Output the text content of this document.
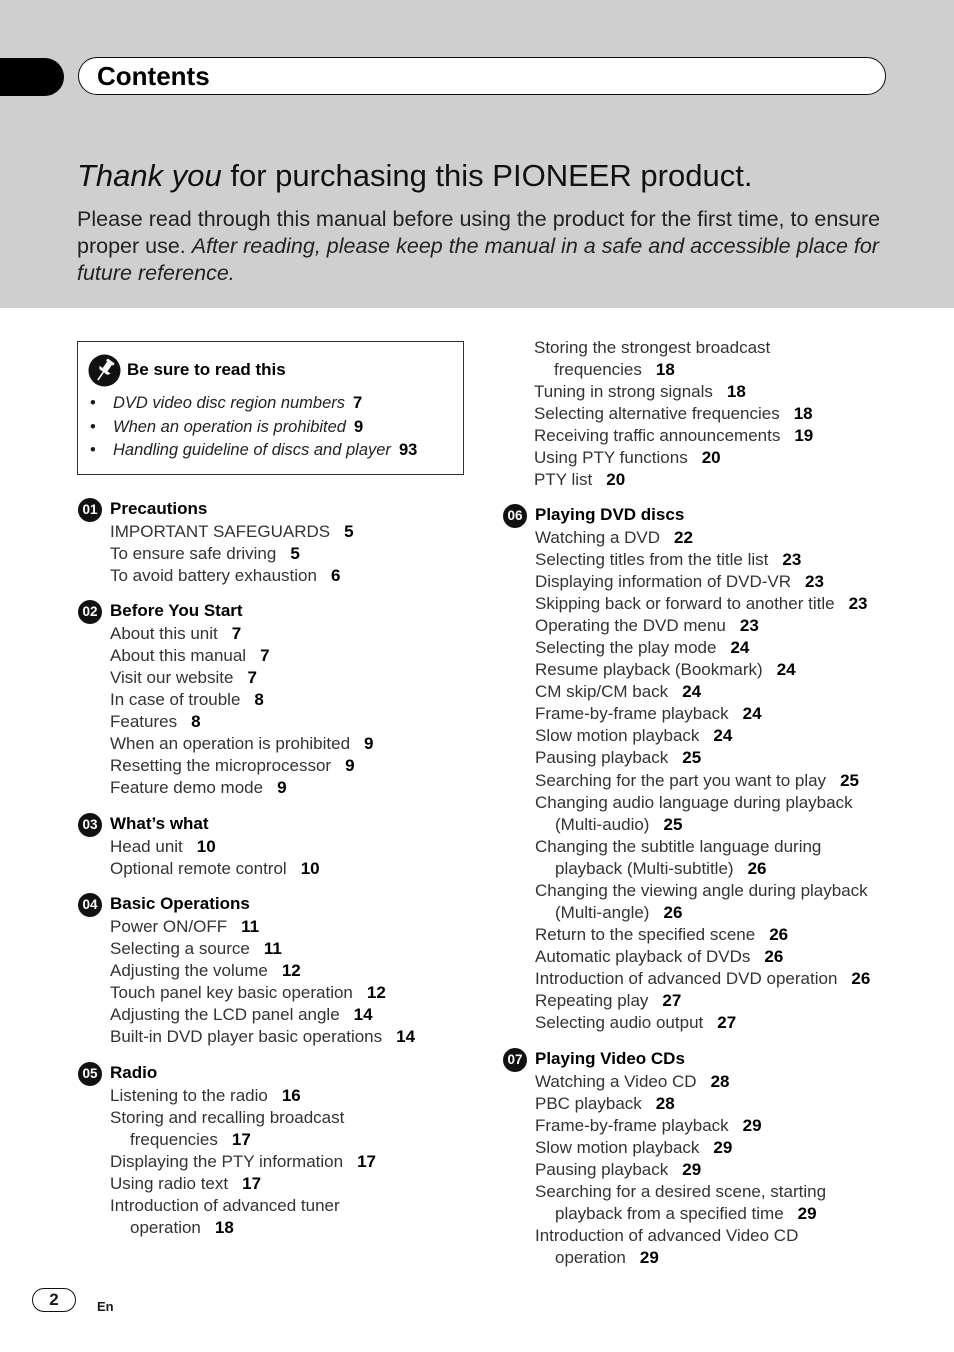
Contents
Thank you for purchasing this PIONEER product.
Please read through this manual before using the product for the first time, to ensure proper use. After reading, please keep the manual in a safe and accessible place for future reference.
Be sure to read this
• DVD video disc region numbers 7
• When an operation is prohibited 9
• Handling guideline of discs and player 93
01 Precautions
IMPORTANT SAFEGUARDS 5
To ensure safe driving 5
To avoid battery exhaustion 6
02 Before You Start
About this unit 7
About this manual 7
Visit our website 7
In case of trouble 8
Features 8
When an operation is prohibited 9
Resetting the microprocessor 9
Feature demo mode 9
03 What’s what
Head unit 10
Optional remote control 10
04 Basic Operations
Power ON/OFF 11
Selecting a source 11
Adjusting the volume 12
Touch panel key basic operation 12
Adjusting the LCD panel angle 14
Built-in DVD player basic operations 14
05 Radio
Listening to the radio 16
Storing and recalling broadcast
frequencies 17
Displaying the PTY information 17
Using radio text 17
Introduction of advanced tuner
operation 18
Storing the strongest broadcast
frequencies 18
Tuning in strong signals 18
Selecting alternative frequencies 18
Receiving traffic announcements 19
Using PTY functions 20
PTY list 20
06 Playing DVD discs
Watching a DVD 22
Selecting titles from the title list 23
Displaying information of DVD-VR 23
Skipping back or forward to another title 23
Operating the DVD menu 23
Selecting the play mode 24
Resume playback (Bookmark) 24
CM skip/CM back 24
Frame-by-frame playback 24
Slow motion playback 24
Pausing playback 25
Searching for the part you want to play 25
Changing audio language during playback
(Multi-audio) 25
Changing the subtitle language during
playback (Multi-subtitle) 26
Changing the viewing angle during playback
(Multi-angle) 26
Return to the specified scene 26
Automatic playback of DVDs 26
Introduction of advanced DVD operation 26
Repeating play 27
Selecting audio output 27
07 Playing Video CDs
Watching a Video CD 28
PBC playback 28
Frame-by-frame playback 29
Slow motion playback 29
Pausing playback 29
Searching for a desired scene, starting
playback from a specified time 29
Introduction of advanced Video CD
operation 29
2	En
